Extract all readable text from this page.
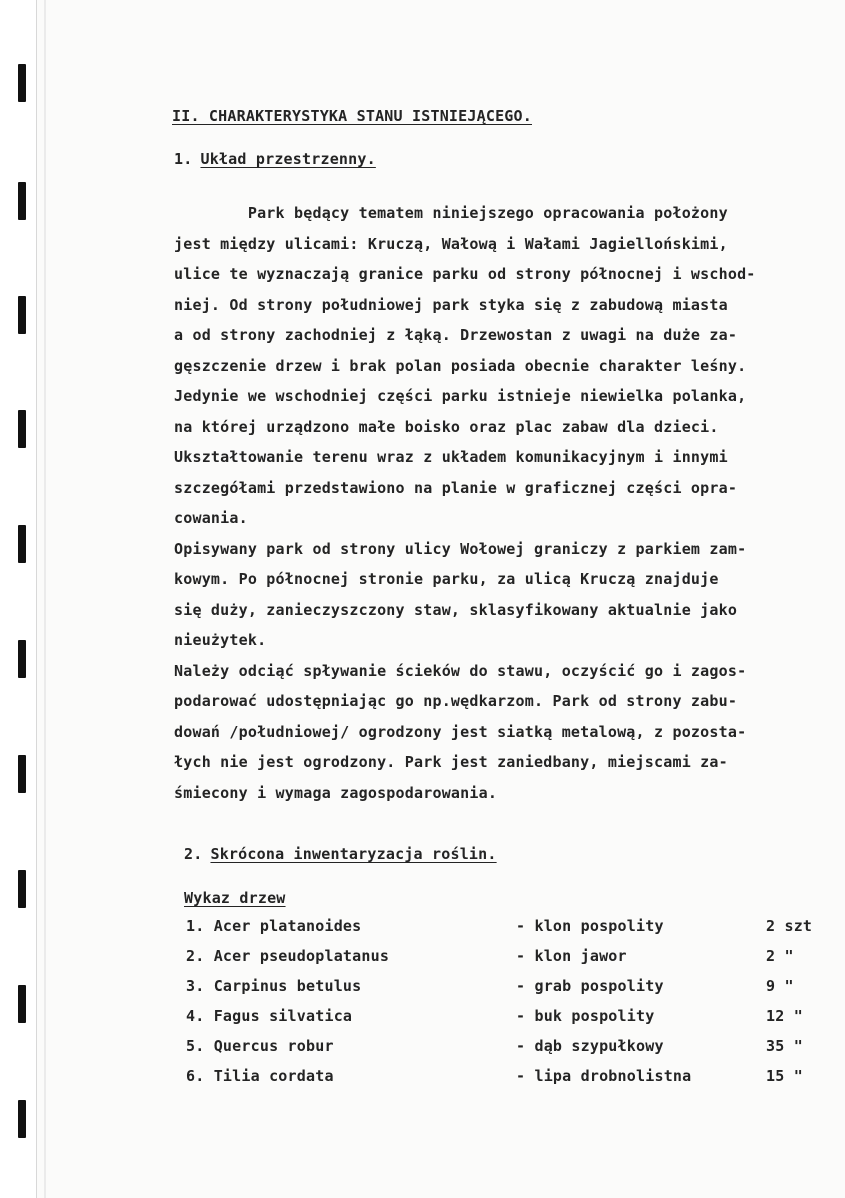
II. CHARAKTERYSTYKA STANU ISTNIEJĄCEGO.
1. Układ przestrzenny.
Park będący tematem niniejszego opracowania położony
jest między ulicami: Kruczą, Wałową i Wałami Jagiellońskimi,
ulice te wyznaczają granice parku od strony północnej i wschod-
niej. Od strony południowej park styka się z zabudową miasta
a od strony zachodniej z łąką. Drzewostan z uwagi na duże za-
gęszczenie drzew i brak polan posiada obecnie charakter leśny.
Jedynie we wschodniej części parku istnieje niewielka polanka,
na której urządzono małe boisko oraz plac zabaw dla dzieci.
Ukształtowanie terenu wraz z układem komunikacyjnym i innymi
szczegółami przedstawiono na planie w graficznej części opra-
cowania.
Opisywany park od strony ulicy Wołowej graniczy z parkiem zam-
kowym. Po północnej stronie parku, za ulicą Kruczą znajduje
się duży, zanieczyszczony staw, sklasyfikowany aktualnie jako
nieużytek.
Należy odciąć spływanie ścieków do stawu, oczyścić go i zagos-
podarować udostępniając go np.wędkarzom. Park od strony zabu-
dowań /południowej/ ogrodzony jest siatką metalową, z pozosta-
łych nie jest ogrodzony. Park jest zaniedbany, miejscami za-
śmiecony i wymaga zagospodarowania.
2. Skrócona inwentaryzacja roślin.
Wykaz drzew
1. Acer platanoides	- klon pospolity	2 szt
2. Acer pseudoplatanus	- klon jawor	2 "
3. Carpinus betulus	- grab pospolity	9 "
4. Fagus silvatica	- buk pospolity	12 "
5. Quercus robur	- dąb szypułkowy	35 "
6. Tilia cordata	- lipa drobnolistna	15 "
